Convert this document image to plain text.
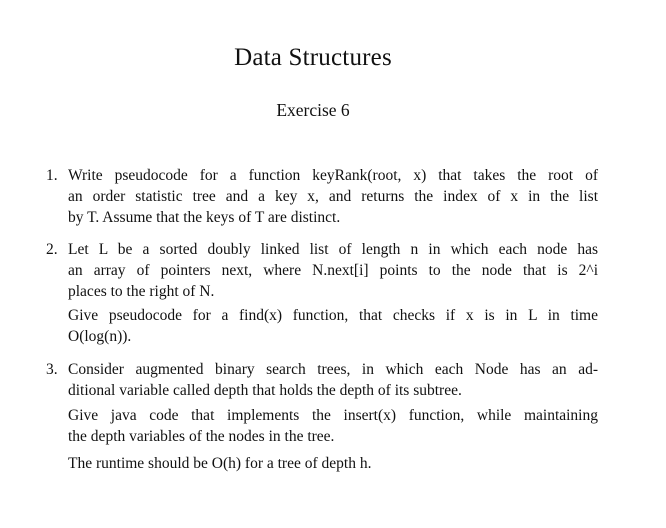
Data Structures
Exercise 6
1. Write pseudocode for a function keyRank(root, x) that takes the root of
an order statistic tree and a key x, and returns the index of x in the list
by T. Assume that the keys of T are distinct.
2. Let L be a sorted doubly linked list of length n in which each node has
an array of pointers next, where N.next[i] points to the node that is 2^i
places to the right of N.
Give pseudocode for a find(x) function, that checks if x is in L in time
O(log(n)).
3. Consider augmented binary search trees, in which each Node has an ad-
ditional variable called depth that holds the depth of its subtree.
Give java code that implements the insert(x) function, while maintaining
the depth variables of the nodes in the tree.
The runtime should be O(h) for a tree of depth h.
